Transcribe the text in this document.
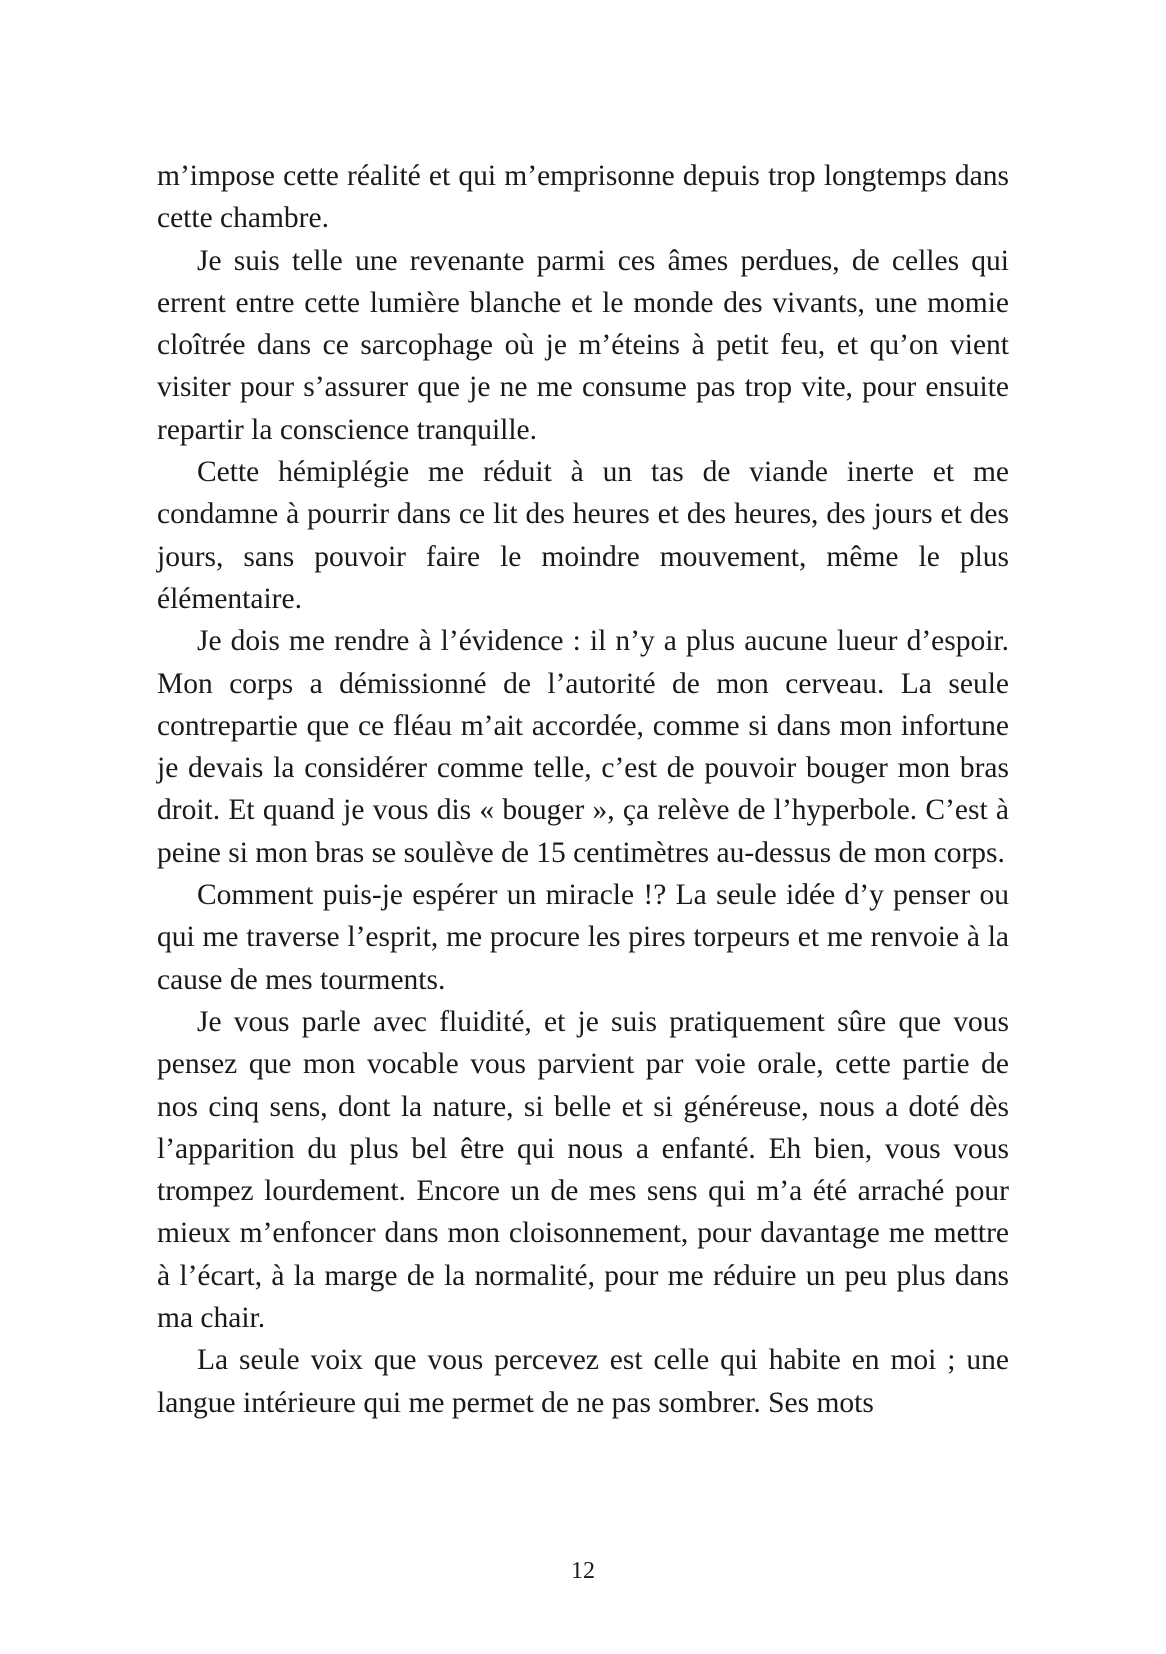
m’impose cette réalité et qui m’emprisonne depuis trop longtemps dans cette chambre.

Je suis telle une revenante parmi ces âmes perdues, de celles qui errent entre cette lumière blanche et le monde des vivants, une momie cloîtrée dans ce sarcophage où je m’éteins à petit feu, et qu’on vient visiter pour s’assurer que je ne me consume pas trop vite, pour ensuite repartir la conscience tranquille.

Cette hémiplégie me réduit à un tas de viande inerte et me condamne à pourrir dans ce lit des heures et des heures, des jours et des jours, sans pouvoir faire le moindre mouvement, même le plus élémentaire.

Je dois me rendre à l’évidence : il n’y a plus aucune lueur d’espoir. Mon corps a démissionné de l’autorité de mon cerveau. La seule contrepartie que ce fléau m’ait accordée, comme si dans mon infortune je devais la considérer comme telle, c’est de pouvoir bouger mon bras droit. Et quand je vous dis « bouger », ça relève de l’hyperbole. C’est à peine si mon bras se soulève de 15 centimètres au-dessus de mon corps.

Comment puis-je espérer un miracle !? La seule idée d’y penser ou qui me traverse l’esprit, me procure les pires torpeurs et me renvoie à la cause de mes tourments.

Je vous parle avec fluidité, et je suis pratiquement sûre que vous pensez que mon vocable vous parvient par voie orale, cette partie de nos cinq sens, dont la nature, si belle et si généreuse, nous a doté dès l’apparition du plus bel être qui nous a enfanté. Eh bien, vous vous trompez lourdement. Encore un de mes sens qui m’a été arraché pour mieux m’enfoncer dans mon cloisonnement, pour davantage me mettre à l’écart, à la marge de la normalité, pour me réduire un peu plus dans ma chair.

La seule voix que vous percevez est celle qui habite en moi ; une langue intérieure qui me permet de ne pas sombrer. Ses mots

12
